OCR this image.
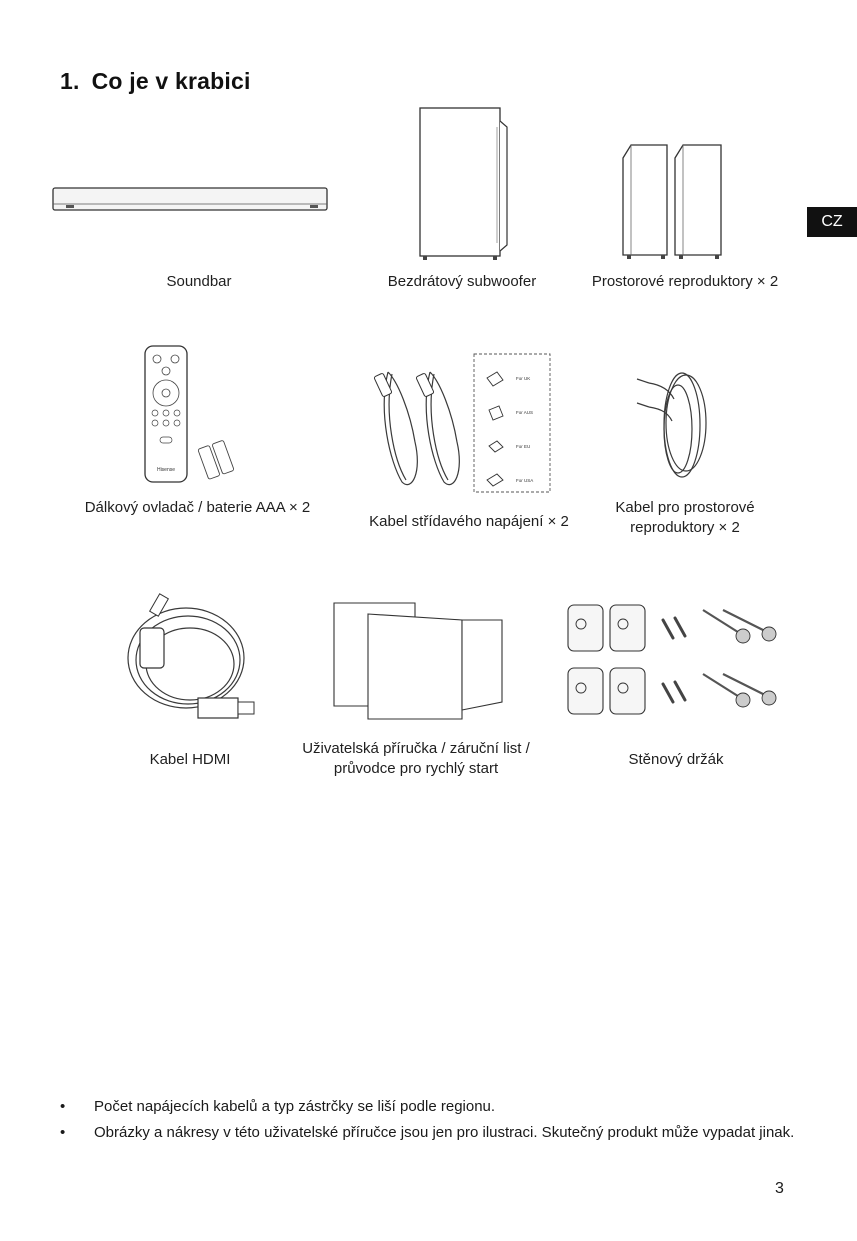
1. Co je v krabici
CZ
Soundbar	Bezdrátový subwoofer	Prostorové reproduktory × 2
Hisense
For UK
For AUS
For EU
For USA
Dálkový ovladač / baterie AAA × 2
Kabel střídavého napájení × 2
Kabel pro prostorové
reproduktory × 2
Kabel HDMI
Uživatelská příručka / záruční list /
průvodce pro rychlý start
Stěnový držák
•	Počet napájecích kabelů a typ zástrčky se liší podle regionu.
•	Obrázky a nákresy v této uživatelské příručce jsou jen pro ilustraci. Skutečný produkt může vypadat jinak.
3
